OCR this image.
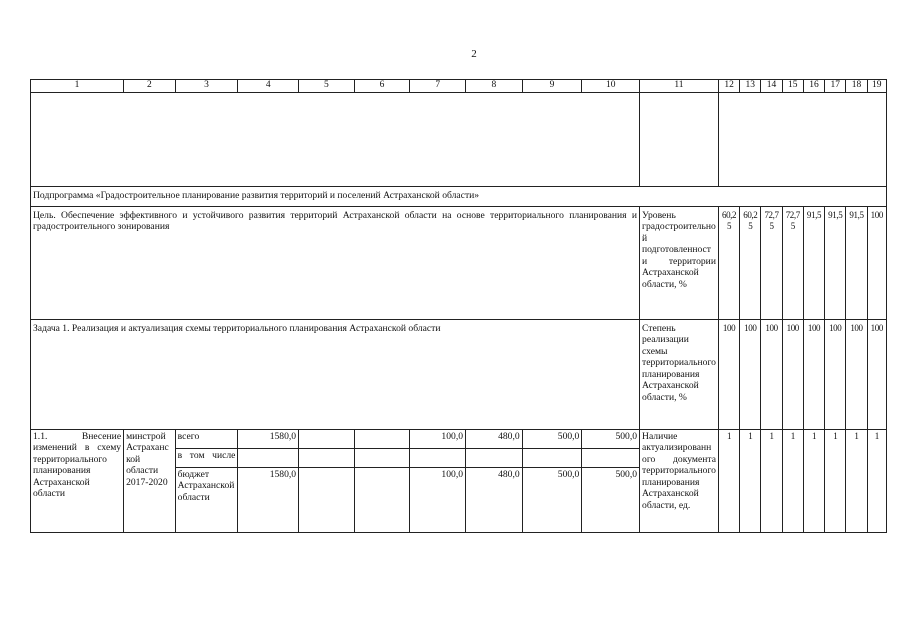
2
1	2	3	4	5	6	7	8	9	10	11	12	13	14	15	16	17	18	19

Подпрограмма «Градостроительное планирование развития территорий и поселений Астраханской области»																		
Цель. Обеспечение эффективного и устойчивого развития территорий Астраханской области на основе территориального планирования и градостроительного зонирования										Уровень градостроительной подготовленности территории Астраханской области, %	60,25	60,25	72,75	72,75	91,5	91,5	91,5	100
Задача 1. Реализация и актуализация схемы территориального планирования Астраханской области										Степень реализации схемы территориального планирования Астраханской области, %	100	100	100	100	100	100	100	100
1.1. Внесение изменений в схему территориального планирования Астраханской области	минстрой Астраханской области 2017-2020	всего	1580,0			100,0	480,0	500,0	500,0	Наличие актуализированного документа территориального планирования Астраханской области, ед.	1	1	1	1	1	1	1	1
		в том числе																
		бюджет Астраханской области	1580,0			100,0	480,0	500,0	500,0									
